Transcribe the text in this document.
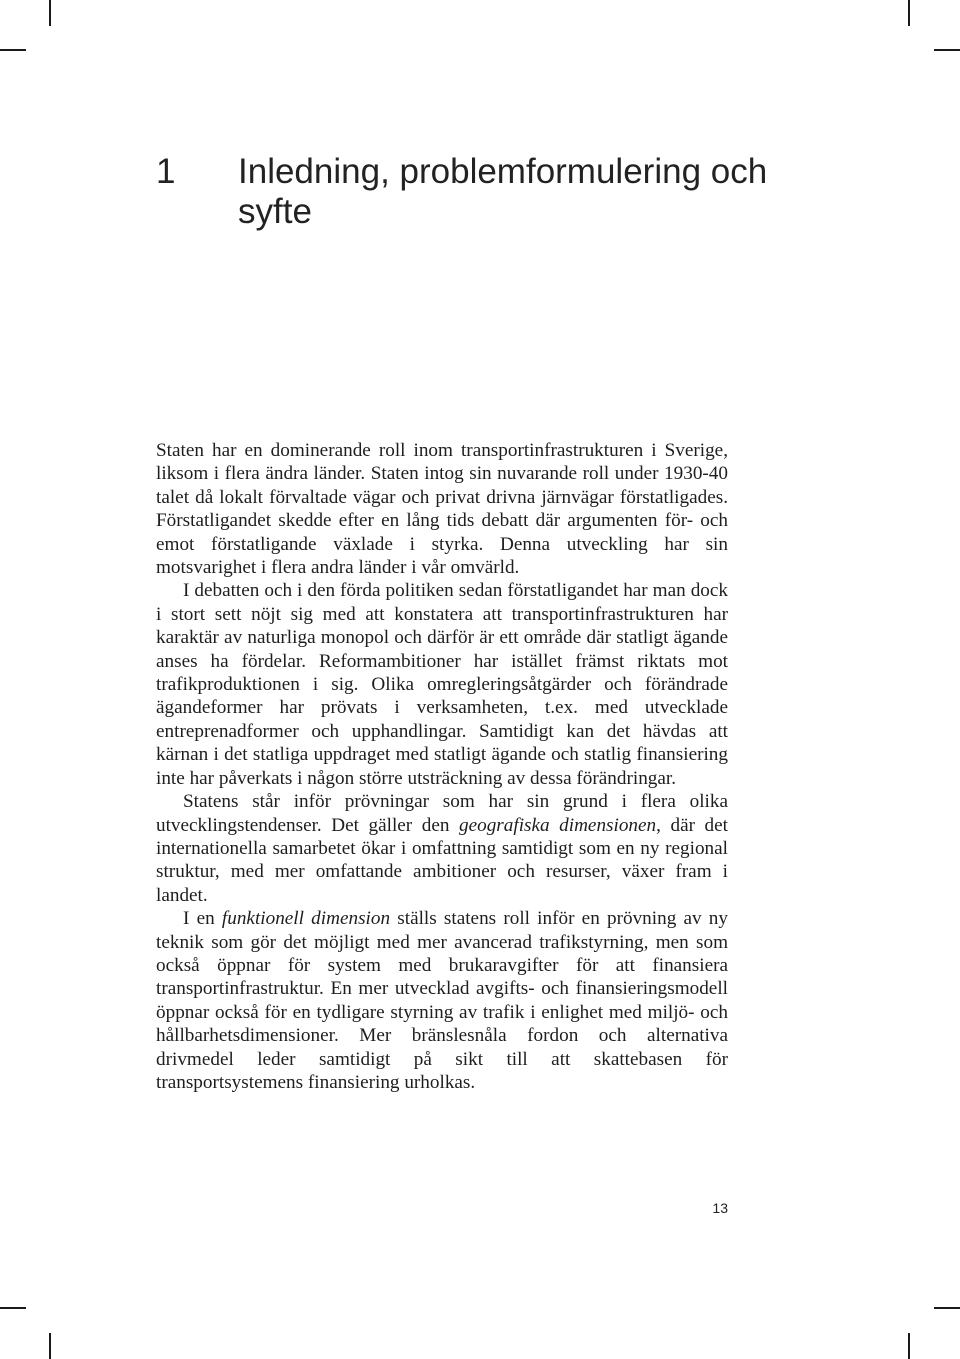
1 Inledning, problemformulering och syfte

Staten har en dominerande roll inom transportinfrastrukturen i Sverige, liksom i flera ändra länder. Staten intog sin nuvarande roll under 1930-40 talet då lokalt förvaltade vägar och privat drivna järnvägar förstatligades. Förstatligandet skedde efter en lång tids debatt där argumenten för- och emot förstatligande växlade i styrka. Denna utveckling har sin motsvarighet i flera andra länder i vår omvärld.

I debatten och i den förda politiken sedan förstatligandet har man dock i stort sett nöjt sig med att konstatera att transportinfrastrukturen har karaktär av naturliga monopol och därför är ett område där statligt ägande anses ha fördelar. Reformambitioner har istället främst riktats mot trafikproduktionen i sig. Olika omregleringsåtgärder och förändrade ägandeformer har prövats i verksamheten, t.ex. med utvecklade entreprenadformer och upphandlingar. Samtidigt kan det hävdas att kärnan i det statliga uppdraget med statligt ägande och statlig finansiering inte har påverkats i någon större utsträckning av dessa förändringar.

Statens står inför prövningar som har sin grund i flera olika utvecklingstendenser. Det gäller den geografiska dimensionen, där det internationella samarbetet ökar i omfattning samtidigt som en ny regional struktur, med mer omfattande ambitioner och resurser, växer fram i landet.

I en funktionell dimension ställs statens roll inför en prövning av ny teknik som gör det möjligt med mer avancerad trafikstyrning, men som också öppnar för system med brukaravgifter för att finansiera transportinfrastruktur. En mer utvecklad avgifts- och finansieringsmodell öppnar också för en tydligare styrning av trafik i enlighet med miljö- och hållbarhetsdimensioner. Mer bränslesnåla fordon och alternativa drivmedel leder samtidigt på sikt till att skattebasen för transportsystemens finansiering urholkas.

13
